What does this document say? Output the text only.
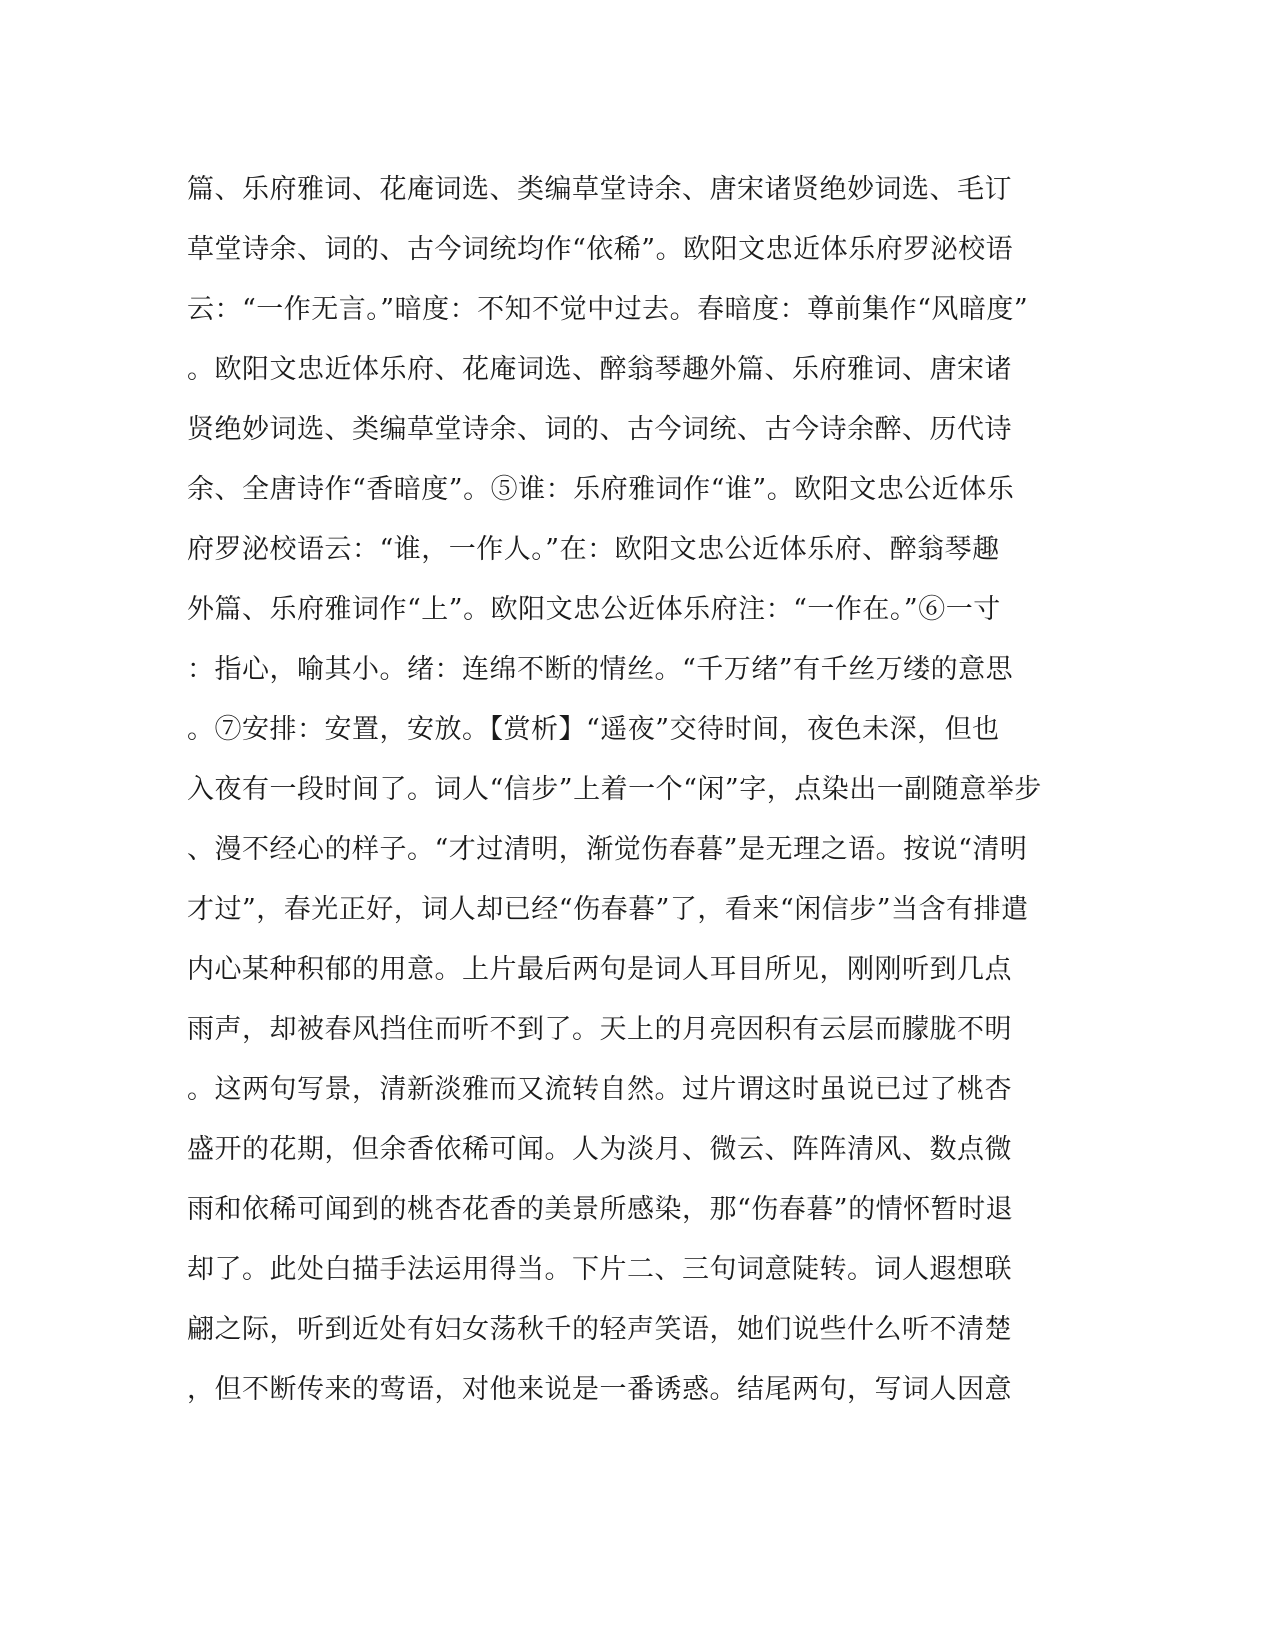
篇、乐府雅词、花庵词选、类编草堂诗余、唐宋诸贤绝妙词选、毛订
草堂诗余、词的、古今词统均作“依稀”。欧阳文忠近体乐府罗泌校语
云：“一作无言。”暗度：不知不觉中过去。春暗度：尊前集作“风暗度”
。欧阳文忠近体乐府、花庵词选、醉翁琴趣外篇、乐府雅词、唐宋诸
贤绝妙词选、类编草堂诗余、词的、古今词统、古今诗余醉、历代诗
余、全唐诗作“香暗度”。⑤谁：乐府雅词作“谁”。欧阳文忠公近体乐
府罗泌校语云：“谁，一作人。”在：欧阳文忠公近体乐府、醉翁琴趣
外篇、乐府雅词作“上”。欧阳文忠公近体乐府注：“一作在。”⑥一寸
：指心，喻其小。绪：连绵不断的情丝。“千万绪”有千丝万缕的意思
。⑦安排：安置，安放。【赏析】“遥夜”交待时间，夜色未深，但也
入夜有一段时间了。词人“信步”上着一个“闲”字，点染出一副随意举步
、漫不经心的样子。“才过清明，渐觉伤春暮”是无理之语。按说“清明
才过”，春光正好，词人却已经“伤春暮”了，看来“闲信步”当含有排遣
内心某种积郁的用意。上片最后两句是词人耳目所见，刚刚听到几点
雨声，却被春风挡住而听不到了。天上的月亮因积有云层而朦胧不明
。这两句写景，清新淡雅而又流转自然。过片谓这时虽说已过了桃杏
盛开的花期，但余香依稀可闻。人为淡月、微云、阵阵清风、数点微
雨和依稀可闻到的桃杏花香的美景所感染，那“伤春暮”的情怀暂时退
却了。此处白描手法运用得当。下片二、三句词意陡转。词人遐想联
翩之际，听到近处有妇女荡秋千的轻声笑语，她们说些什么听不清楚
，但不断传来的莺语，对他来说是一番诱惑。结尾两句，写词人因意
